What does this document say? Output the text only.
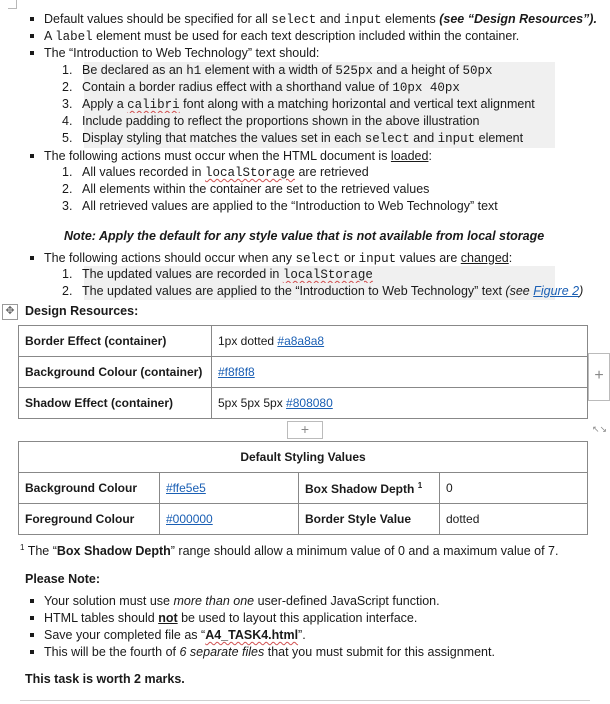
Default values should be specified for all select and input elements (see “Design Resources”).
A label element must be used for each text description included within the container.
The “Introduction to Web Technology” text should:
1. Be declared as an h1 element with a width of 525px and a height of 50px
2. Contain a border radius effect with a shorthand value of 10px 40px
3. Apply a calibri font along with a matching horizontal and vertical text alignment
4. Include padding to reflect the proportions shown in the above illustration
5. Display styling that matches the values set in each select and input element
The following actions must occur when the HTML document is loaded:
1. All values recorded in localStorage are retrieved
2. All elements within the container are set to the retrieved values
3. All retrieved values are applied to the “Introduction to Web Technology” text
Note: Apply the default for any style value that is not available from local storage
The following actions should occur when any select or input values are changed:
1. The updated values are recorded in localStorage
2. The updated values are applied to the “Introduction to Web Technology” text (see Figure 2)
✥ Design Resources:
Border Effect (container)	1px dotted #a8a8a8
Background Colour (container)	#f8f8f8
Shadow Effect (container)	5px 5px 5px #808080
+
+	↖↘
Default Styling Values			
Background Colour	#ffe5e5	Box Shadow Depth $^1$	0
Foreground Colour	#000000	Border Style Value	dotted
$^1$ The “Box Shadow Depth” range should allow a minimum value of 0 and a maximum value of 7.
Please Note:
Your solution must use more than one user-defined JavaScript function.
HTML tables should not be used to layout this application interface.
Save your completed file as “A4_TASK4.html”.
This will be the fourth of 6 separate files that you must submit for this assignment.
This task is worth 2 marks.
